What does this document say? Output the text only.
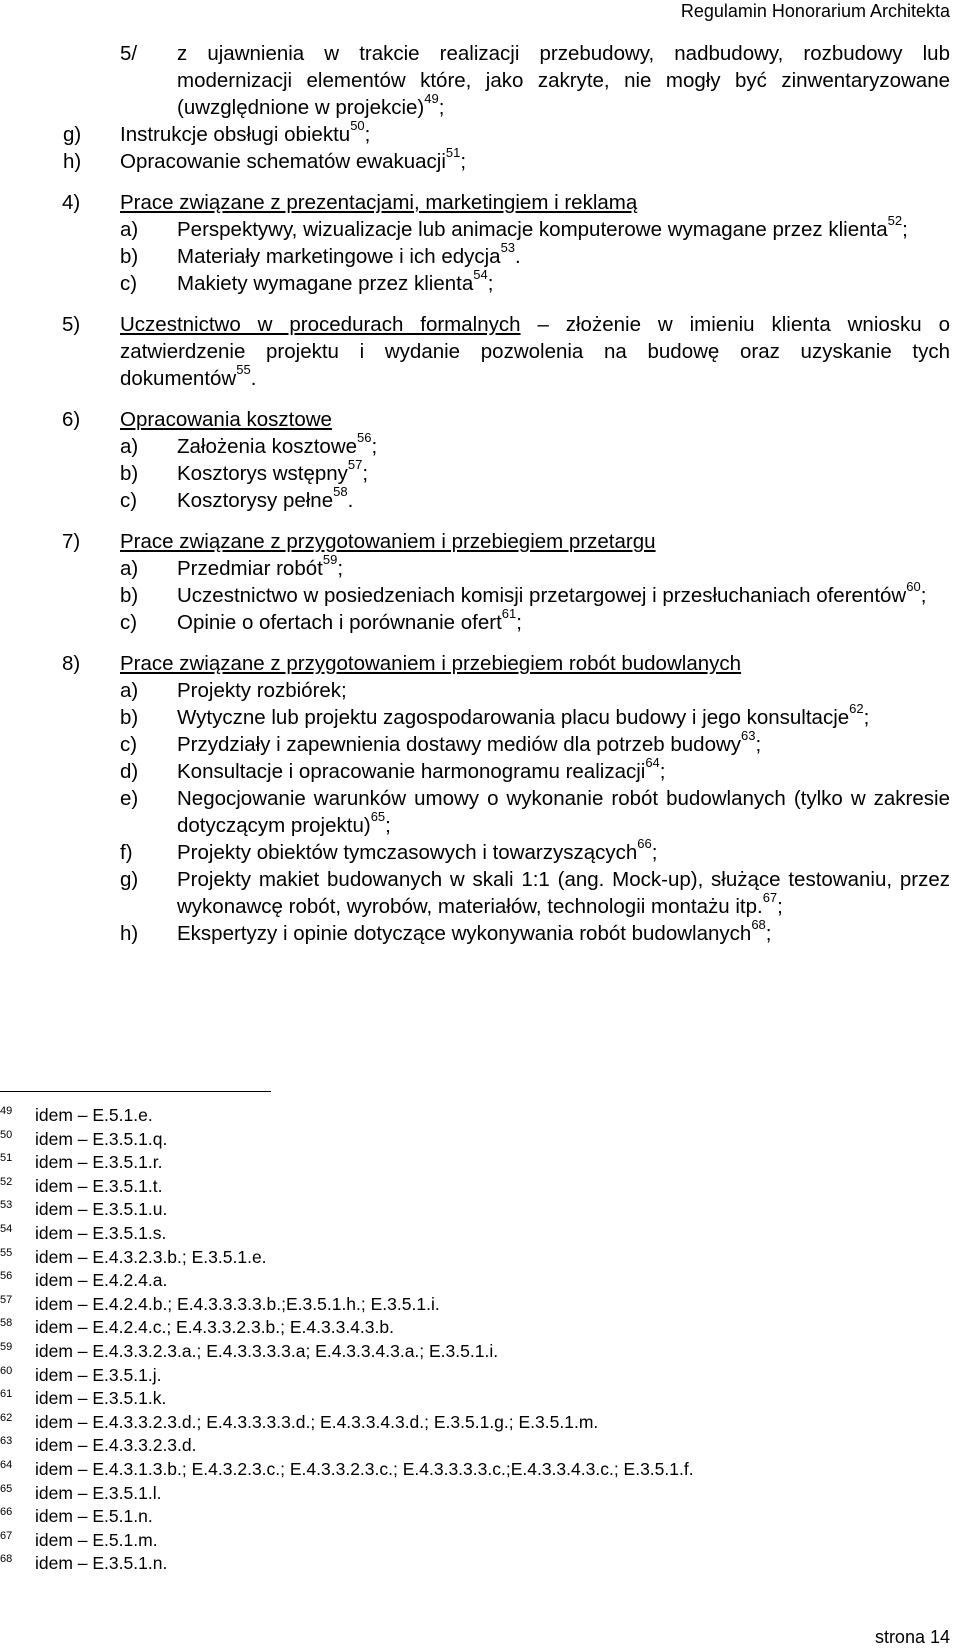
Regulamin Honorarium Architekta
5/	z ujawnienia w trakcie realizacji przebudowy, nadbudowy, rozbudowy lub modernizacji elementów które, jako zakryte, nie mogły być zinwentaryzowane (uwzględnione w projekcie)$^{49}$;
g)	Instrukcje obsługi obiektu$^{50}$;
h)	Opracowanie schematów ewakuacji$^{51}$;
4)	Prace związane z prezentacjami, marketingiem i reklamą
a)	Perspektywy, wizualizacje lub animacje komputerowe wymagane przez klienta$^{52}$;
b)	Materiały marketingowe i ich edycja$^{53}$.
c)	Makiety wymagane przez klienta$^{54}$;
5)	Uczestnictwo w procedurach formalnych – złożenie w imieniu klienta wniosku o zatwierdzenie projektu i wydanie pozwolenia na budowę oraz uzyskanie tych dokumentów$^{55}$.
6)	Opracowania kosztowe
a)	Założenia kosztowe$^{56}$;
b)	Kosztorys wstępny$^{57}$;
c)	Kosztorysy pełne$^{58}$.
7)	Prace związane z przygotowaniem i przebiegiem przetargu
a)	Przedmiar robót$^{59}$;
b)	Uczestnictwo w posiedzeniach komisji przetargowej i przesłuchaniach oferentów$^{60}$;
c)	Opinie o ofertach i porównanie ofert$^{61}$;
8)	Prace związane z przygotowaniem i przebiegiem robót budowlanych
a)	Projekty rozbiórek;
b)	Wytyczne lub projektu zagospodarowania placu budowy i jego konsultacje$^{62}$;
c)	Przydziały i zapewnienia dostawy mediów dla potrzeb budowy$^{63}$;
d)	Konsultacje i opracowanie harmonogramu realizacji$^{64}$;
e)	Negocjowanie warunków umowy o wykonanie robót budowlanych (tylko w zakresie dotyczącym projektu)$^{65}$;
f)	Projekty obiektów tymczasowych i towarzyszących$^{66}$;
g)	Projekty makiet budowanych w skali 1:1 (ang. Mock-up), służące testowaniu, przez wykonawcę robót, wyrobów, materiałów, technologii montażu itp.$^{67}$;
h)	Ekspertyzy i opinie dotyczące wykonywania robót budowlanych$^{68}$;
49	idem – E.5.1.e.
50	idem – E.3.5.1.q.
51	idem – E.3.5.1.r.
52	idem – E.3.5.1.t.
53	idem – E.3.5.1.u.
54	idem – E.3.5.1.s.
55	idem – E.4.3.2.3.b.; E.3.5.1.e.
56	idem – E.4.2.4.a.
57	idem – E.4.2.4.b.; E.4.3.3.3.3.b.;E.3.5.1.h.; E.3.5.1.i.
58	idem – E.4.2.4.c.; E.4.3.3.2.3.b.; E.4.3.3.4.3.b.
59	idem – E.4.3.3.2.3.a.; E.4.3.3.3.3.a; E.4.3.3.4.3.a.; E.3.5.1.i.
60	idem – E.3.5.1.j.
61	idem – E.3.5.1.k.
62	idem – E.4.3.3.2.3.d.; E.4.3.3.3.3.d.; E.4.3.3.4.3.d.; E.3.5.1.g.; E.3.5.1.m.
63	idem – E.4.3.3.2.3.d.
64	idem – E.4.3.1.3.b.; E.4.3.2.3.c.; E.4.3.3.2.3.c.; E.4.3.3.3.3.c.;E.4.3.3.4.3.c.; E.3.5.1.f.
65	idem – E.3.5.1.l.
66	idem – E.5.1.n.
67	idem – E.5.1.m.
68	idem – E.3.5.1.n.
strona 14
